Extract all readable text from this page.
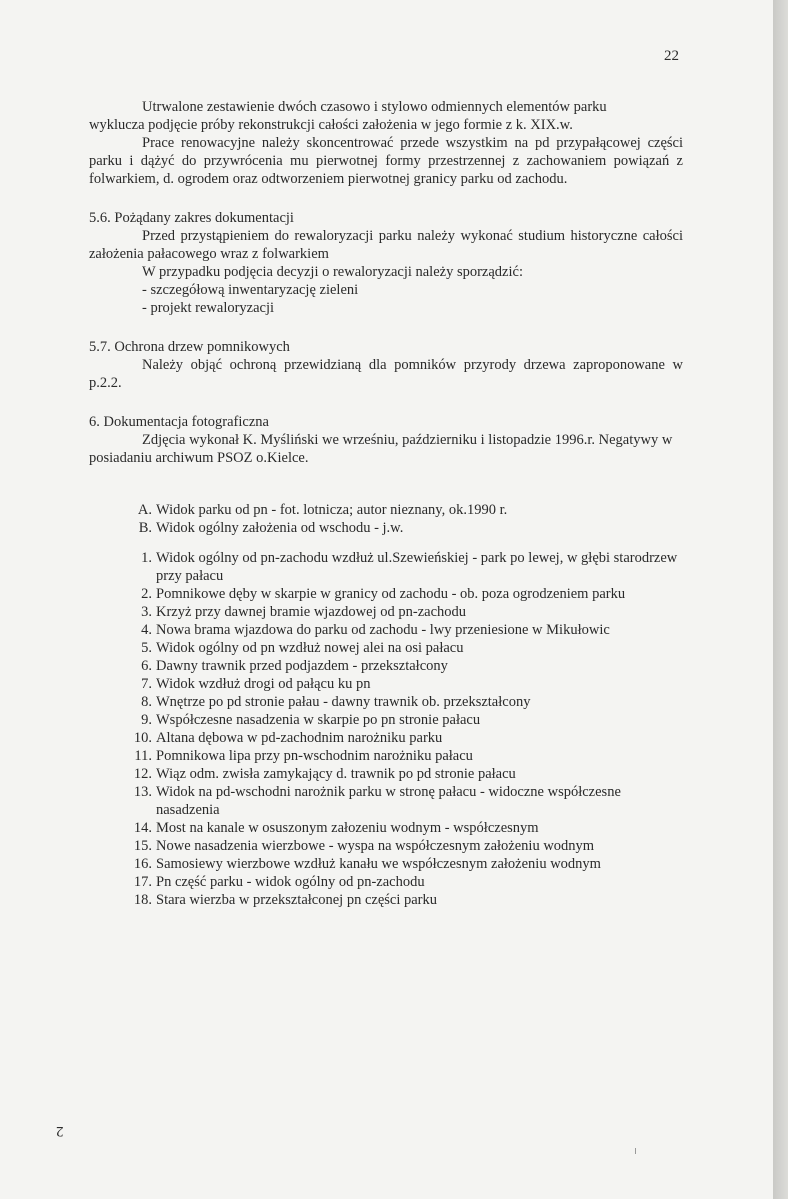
22

Utrwalone zestawienie dwóch czasowo i stylowo odmiennych elementów parku

wyklucza podjęcie próby rekonstrukcji całości założenia w jego formie z k. XIX.w.

Prace renowacyjne należy skoncentrować przede wszystkim na pd przypałącowej części parku i dążyć do przywrócenia mu pierwotnej formy przestrzennej z zachowaniem powiązań z folwarkiem, d. ogrodem oraz odtworzeniem pierwotnej granicy parku od zachodu.

5.6. Pożądany zakres dokumentacji

Przed przystąpieniem do rewaloryzacji parku należy wykonać studium historyczne całości założenia pałacowego wraz z folwarkiem

W przypadku podjęcia decyzji o rewaloryzacji należy sporządzić:

- szczegółową inwentaryzację zieleni

- projekt rewaloryzacji

5.7. Ochrona drzew pomnikowych

Należy objąć ochroną przewidzianą dla pomników przyrody drzewa zaproponowane w p.2.2.

6. Dokumentacja fotograficzna

Zdjęcia wykonał K. Myśliński we wrześniu, październiku i listopadzie 1996.r. Negatywy w posiadaniu archiwum PSOZ o.Kielce.

A. Widok parku od pn - fot. lotnicza; autor nieznany, ok.1990 r.
B. Widok ogólny założenia od wschodu - j.w.
1. Widok ogólny od pn-zachodu wzdłuż ul.Szewieńskiej - park po lewej, w głębi starodrzew przy pałacu
2. Pomnikowe dęby w skarpie w granicy od zachodu - ob. poza ogrodzeniem parku
3. Krzyż przy dawnej bramie wjazdowej od pn-zachodu
4. Nowa brama wjazdowa do parku od zachodu - lwy przeniesione w Mikułowic
5. Widok ogólny od pn wzdłuż nowej alei na osi pałacu
6. Dawny trawnik przed podjazdem - przekształcony
7. Widok wzdłuż drogi od pałącu ku pn
8. Wnętrze po pd stronie pałau - dawny trawnik ob. przekształcony
9. Współczesne nasadzenia w skarpie po pn stronie pałacu
10. Altana dębowa w pd-zachodnim narożniku parku
11. Pomnikowa lipa przy pn-wschodnim narożniku pałacu
12. Wiąz odm. zwisła zamykający d. trawnik po pd stronie pałacu
13. Widok na pd-wschodni narożnik parku w stronę pałacu - widoczne współczesne nasadzenia
14. Most na kanale w osuszonym załozeniu wodnym - współczesnym
15. Nowe nasadzenia wierzbowe - wyspa na współczesnym założeniu wodnym
16. Samosiewy wierzbowe wzdłuż kanału we współczesnym założeniu wodnym
17. Pn część parku - widok ogólny od pn-zachodu
18. Stara wierzba w przekształconej pn części parku
2
